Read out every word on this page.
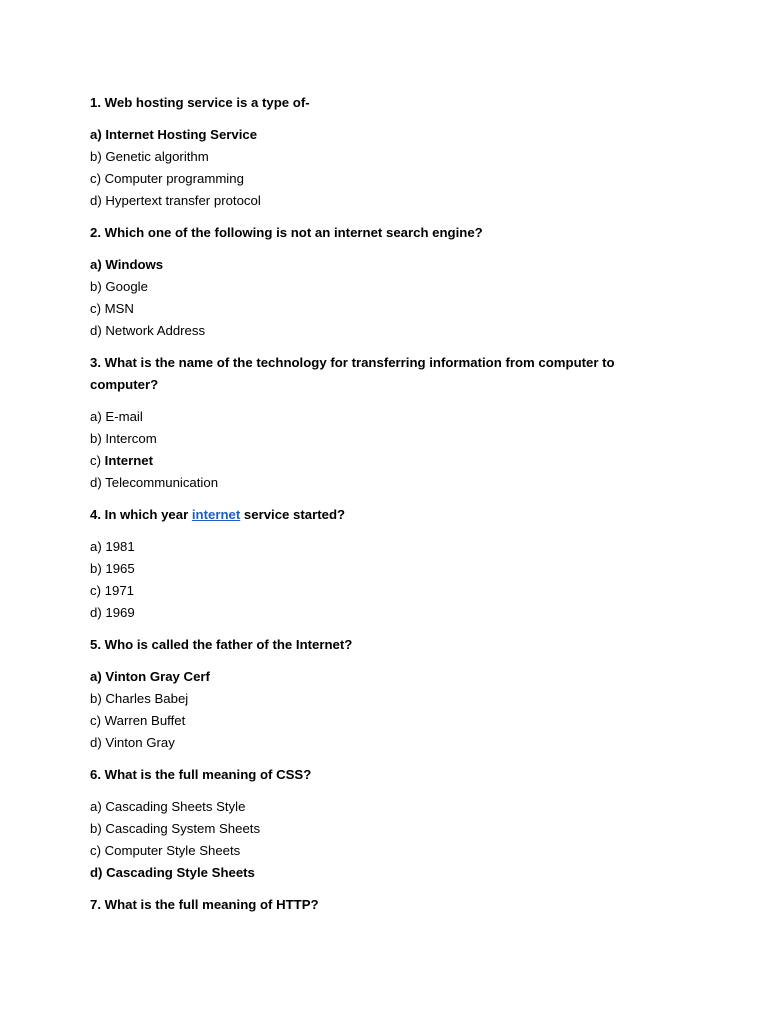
1. Web hosting service is a type of-
a) Internet Hosting Service
b) Genetic algorithm
c) Computer programming
d) Hypertext transfer protocol
2. Which one of the following is not an internet search engine?
a) Windows
b) Google
c) MSN
d) Network Address
3. What is the name of the technology for transferring information from computer to computer?
a) E-mail
b) Intercom
c) Internet
d) Telecommunication
4. In which year internet service started?
a) 1981
b) 1965
c) 1971
d) 1969
5. Who is called the father of the Internet?
a) Vinton Gray Cerf
b) Charles Babej
c) Warren Buffet
d) Vinton Gray
6. What is the full meaning of CSS?
a) Cascading Sheets Style
b) Cascading System Sheets
c) Computer Style Sheets
d) Cascading Style Sheets
7. What is the full meaning of HTTP?
